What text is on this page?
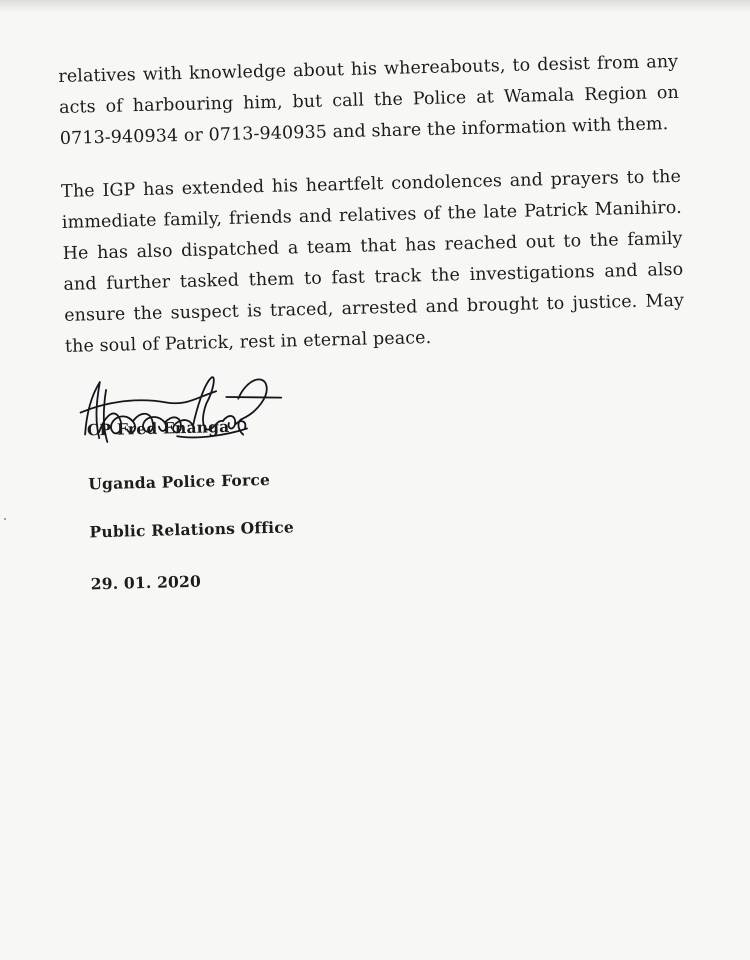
relatives with knowledge about his whereabouts, to desist from any acts of harbouring him, but call the Police at Wamala Region on 0713-940934 or 0713-940935 and share the information with them.

The IGP has extended his heartfelt condolences and prayers to the immediate family, friends and relatives of the late Patrick Manihiro. He has also dispatched a team that has reached out to the family and further tasked them to fast track the investigations and also ensure the suspect is traced, arrested and brought to justice. May the soul of Patrick, rest in eternal peace.

CP Fred Enanga

Uganda Police Force

Public Relations Office

29. 01. 2020
